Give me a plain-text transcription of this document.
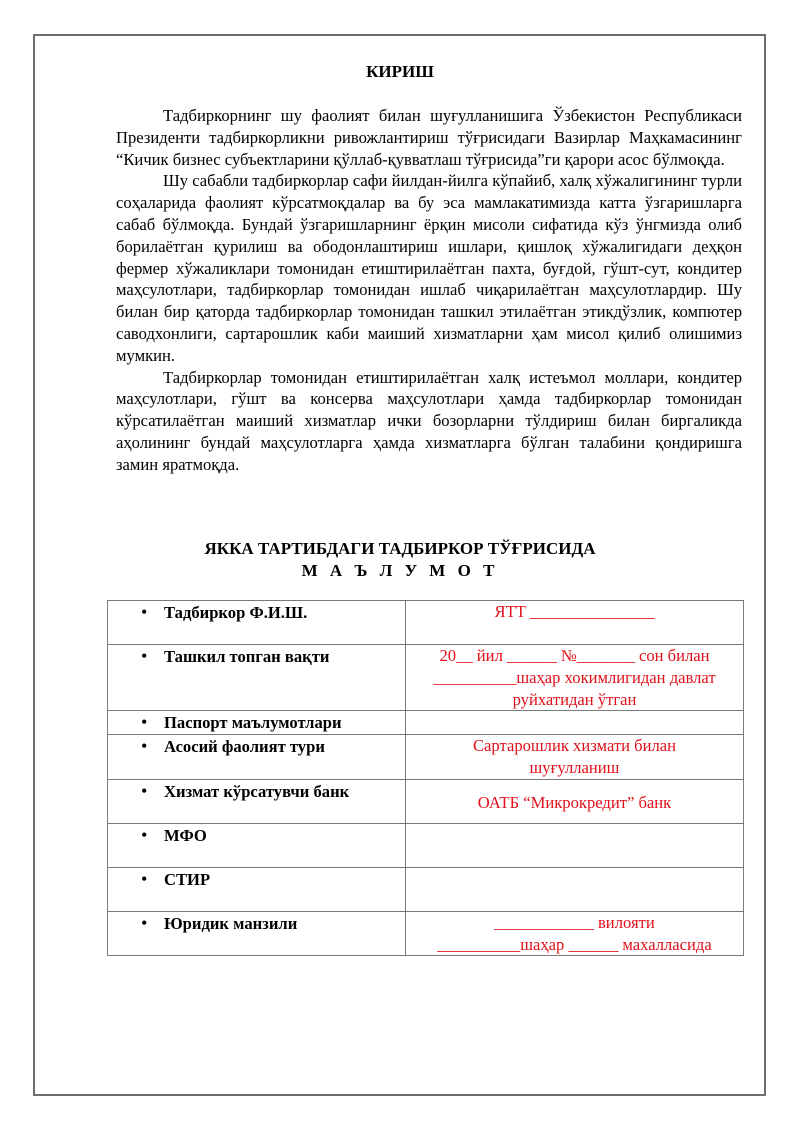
КИРИШ

Тадбиркорнинг шу фаолият билан шуғулланишига Ўзбекистон Республикаси Президенти тадбиркорликни ривожлантириш тўғрисидаги Вазирлар Маҳкамасининг “Кичик бизнес субъектларини қўллаб-қувватлаш тўғрисида”ги қарори асос бўлмоқда.

Шу сабабли тадбиркорлар сафи йилдан-йилга кўпайиб, халқ хўжалигининг турли соҳаларида фаолият кўрсатмоқдалар ва бу эса мамлакатимизда катта ўзгаришларга сабаб бўлмоқда. Бундай ўзгаришларнинг ёрқин мисоли сифатида кўз ўнгмизда олиб борилаётган қурилиш ва ободонлаштириш ишлари, қишлоқ хўжалигидаги деҳқон фермер хўжаликлари томонидан етиштирилаётган пахта, буғдой, гўшт-сут, кондитер маҳсулотлари, тадбиркорлар томонидан ишлаб чиқарилаётган маҳсулотлардир. Шу билан бир қаторда тадбиркорлар томонидан ташкил этилаётган этикдўзлик, компютер саводхонлиги, сартарошлик каби маиший хизматларни ҳам мисол қилиб олишимиз мумкин.

Тадбиркорлар томонидан етиштирилаётган халқ истеъмол моллари, кондитер маҳсулотлари, гўшт ва консерва маҳсулотлари ҳамда тадбиркорлар томонидан кўрсатилаётган маиший хизматлар ички бозорларни тўлдириш билан биргаликда аҳолининг бундай маҳсулотларга ҳамда хизматларга бўлган талабини қондиришга замин яратмоқда.

ЯККА ТАРТИБДАГИ ТАДБИРКОР ТЎҒРИСИДА
М А Ъ Л У М О Т
• Тадбиркор Ф.И.Ш.	ЯТТ _______________

• Ташкил топган вақти	20__ йил ______ №_______ сон билан
__________шаҳар хокимлигидан давлат
руйхатидан ўтган

• Паспорт маълумотлари	

• Асосий фаолият тури	Сартарошлик хизмати билан
шуғулланиш

• Хизмат кўрсатувчи банк	ОАТБ “Микрокредит” банк

• МФО	

• СТИР	

• Юридик манзили	____________ вилояти
__________шаҳар ______ махалласида
